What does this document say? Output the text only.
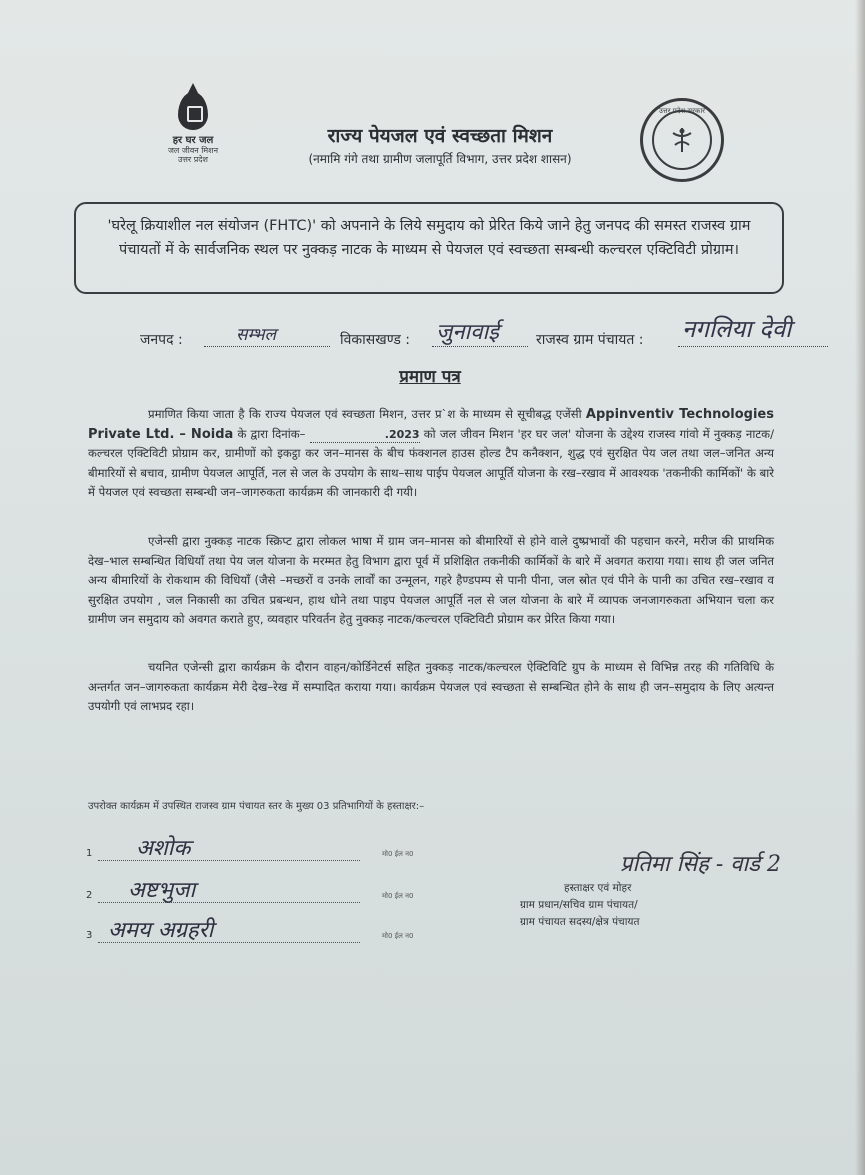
हर घर जल
जल जीवन मिशन
उत्तर प्रदेश
राज्य पेयजल एवं स्वच्छता मिशन
(नमामि गंगे तथा ग्रामीण जलापूर्ति विभाग, उत्तर प्रदेश शासन)
उत्तर प्रदेश सरकार
'घरेलू क्रियाशील नल संयोजन (FHTC)' को अपनाने के लिये समुदाय को प्रेरित किये जाने हेतु जनपद की समस्त राजस्व ग्राम पंचायतों में के सार्वजनिक स्थल पर नुक्कड़ नाटक के माध्यम से पेयजल एवं स्वच्छता सम्बन्धी कल्चरल एक्टिविटी प्रोग्राम।
जनपद :	सम्भल	विकासखण्ड : जुनावाई	राजस्व ग्राम पंचायत : नगलिया देवी
प्रमाण पत्र
प्रमाणित किया जाता है कि राज्य पेयजल एवं स्वच्छता मिशन, उत्तर प्र`श के माध्यम से सूचीबद्ध एजेंसी Appinventiv Technologies Private Ltd. – Noida के द्वारा दिनांक–	.2023 को जल जीवन मिशन 'हर घर जल' योजना के उद्देश्य राजस्व गांवो में नुक्कड़ नाटक/कल्चरल एक्टिविटी प्रोग्राम कर, ग्रामीणों को इकट्ठा कर जन–मानस के बीच फंक्शनल हाउस होल्ड टैप कनैक्शन, शुद्ध एवं सुरक्षित पेय जल तथा जल–जनित अन्य बीमारियों से बचाव, ग्रामीण पेयजल आपूर्ति, नल से जल के उपयोग के साथ–साथ पाईप पेयजल आपूर्ति योजना के रख–रखाव में आवश्यक 'तकनीकी कार्मिकों' के बारे में पेयजल एवं स्वच्छता सम्बन्धी जन–जागरुकता कार्यक्रम की जानकारी दी गयी।
एजेन्सी द्वारा नुक्कड़ नाटक स्क्रिप्ट द्वारा लोकल भाषा में ग्राम जन–मानस को बीमारियों से होने वाले दुष्प्रभावों की पहचान करने, मरीज की प्राथमिक देख–भाल सम्बन्धित विधियाँ तथा पेय जल योजना के मरम्मत हेतु विभाग द्वारा पूर्व में प्रशिक्षित तकनीकी कार्मिकों के बारे में अवगत कराया गया। साथ ही जल जनित अन्य बीमारियों के रोकथाम की विधियाँ (जैसे –मच्छरों व उनके लार्वों का उन्मूलन, गहरे हैण्डपम्प से पानी पीना, जल स्रोत एवं पीने के पानी का उचित रख–रखाव व सुरक्षित उपयोग , जल निकासी का उचित प्रबन्धन, हाथ धोने तथा पाइप पेयजल आपूर्ति नल से जल योजना के बारे में व्यापक जनजागरुकता अभियान चला कर ग्रामीण जन समुदाय को अवगत कराते हुए, व्यवहार परिवर्तन हेतु नुक्कड़ नाटक/कल्चरल एक्टिविटी प्रोग्राम कर प्रेरित किया गया।
चयनित एजेन्सी द्वारा कार्यक्रम के दौरान वाहन/कोर्डिनेटर्स सहित नुक्कड़ नाटक/कल्चरल ऐक्टिविटि ग्रुप के माध्यम से विभिन्न तरह की गतिविधि के अन्तर्गत जन–जागरुकता कार्यक्रम मेरी देख–रेख में सम्पादित कराया गया। कार्यक्रम पेयजल एवं स्वच्छता से सम्बन्धित होने के साथ ही जन–समुदाय के लिए अत्यन्त उपयोगी एवं लाभप्रद रहा।
उपरोक्त कार्यक्रम में उपस्थित राजस्व ग्राम पंचायत स्तर के मुख्य 03 प्रतिभागियों के हस्ताक्षर:–
1 अशोक	मो0 ईल न0
2 अष्टभुजा	मो0 ईल न0
3 अमय अग्रहरी	मो0 ईल न0
प्रतिमा सिंह - वार्ड 2
हस्ताक्षर एवं मोहर
ग्राम प्रधान/सचिव ग्राम पंचायत/
ग्राम पंचायत सदस्य/क्षेत्र पंचायत
